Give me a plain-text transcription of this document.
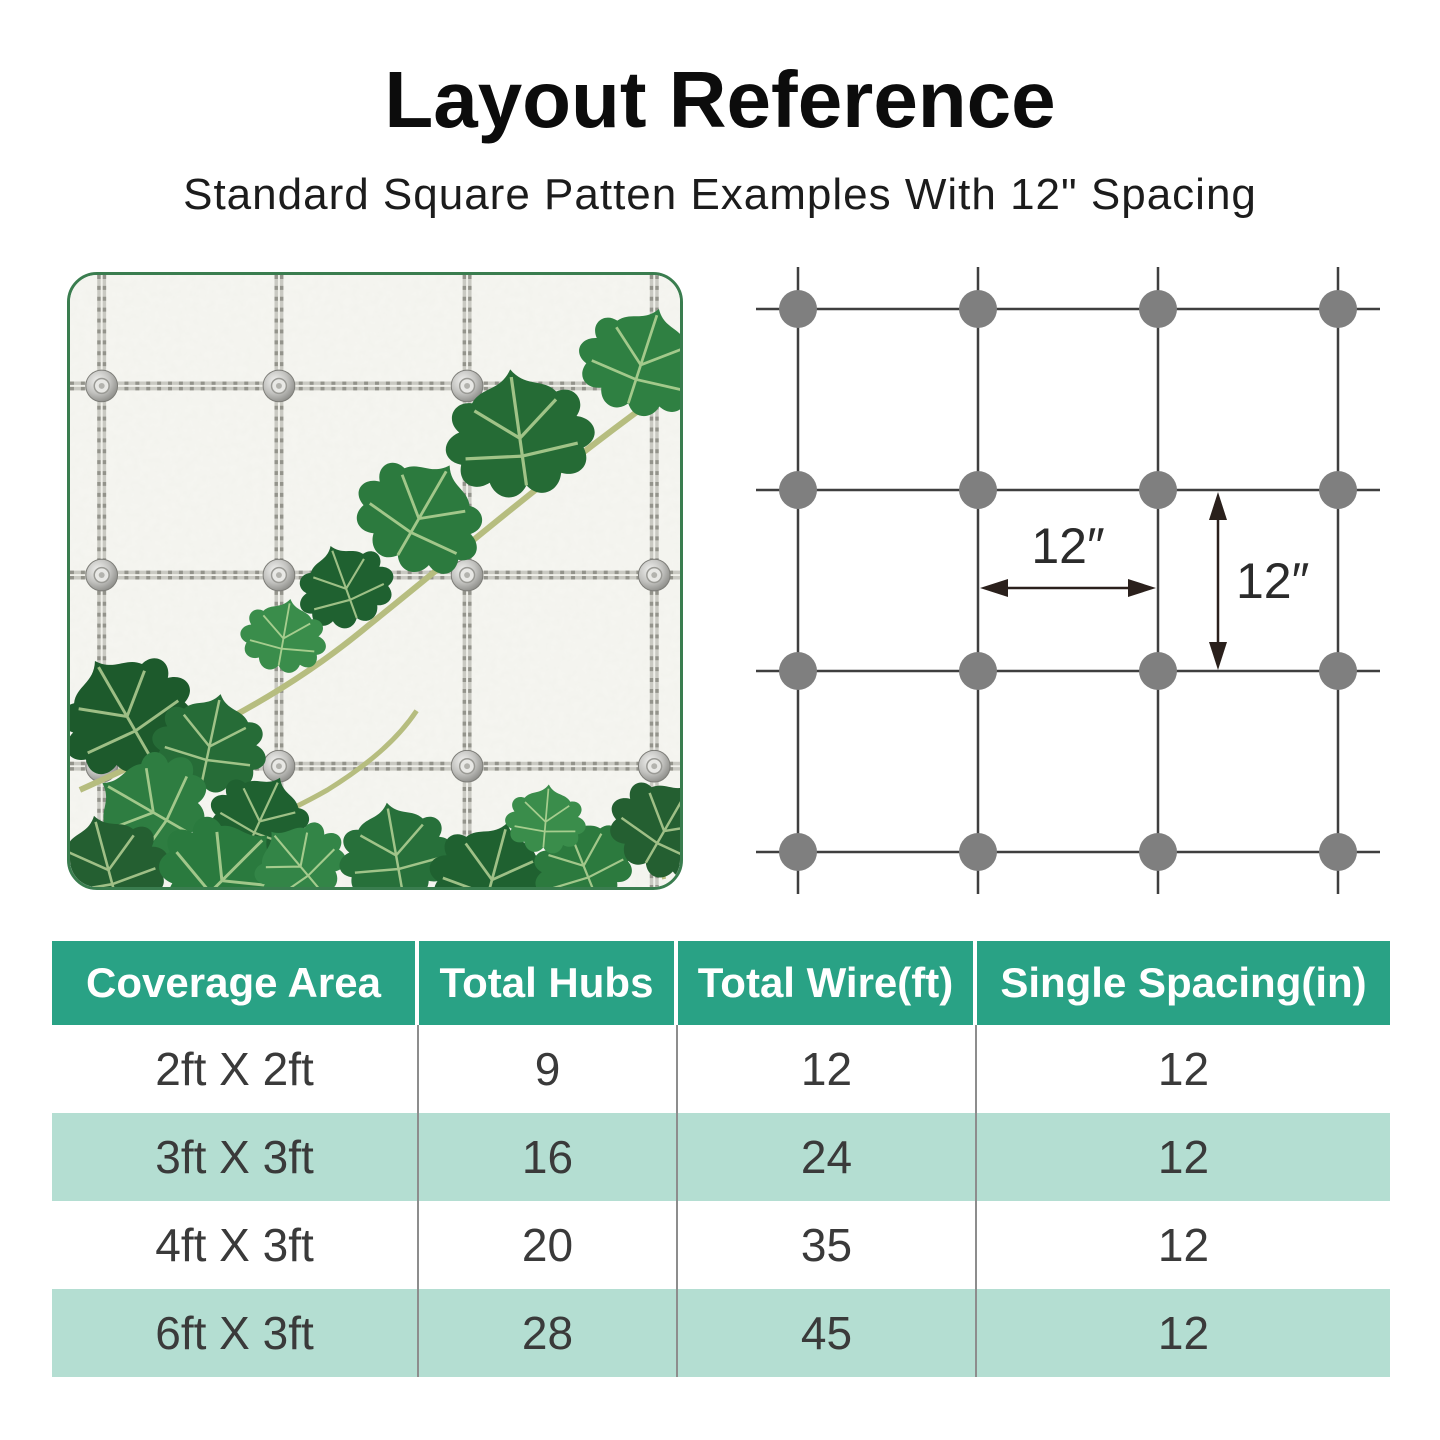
Layout Reference
Standard Square Patten Examples With 12" Spacing
12″
12″
Coverage Area	Total Hubs	Total Wire(ft)	Single Spacing(in)
2ft X 2ft	9	12	12
3ft X 3ft	16	24	12
4ft X 3ft	20	35	12
6ft X 3ft	28	45	12
